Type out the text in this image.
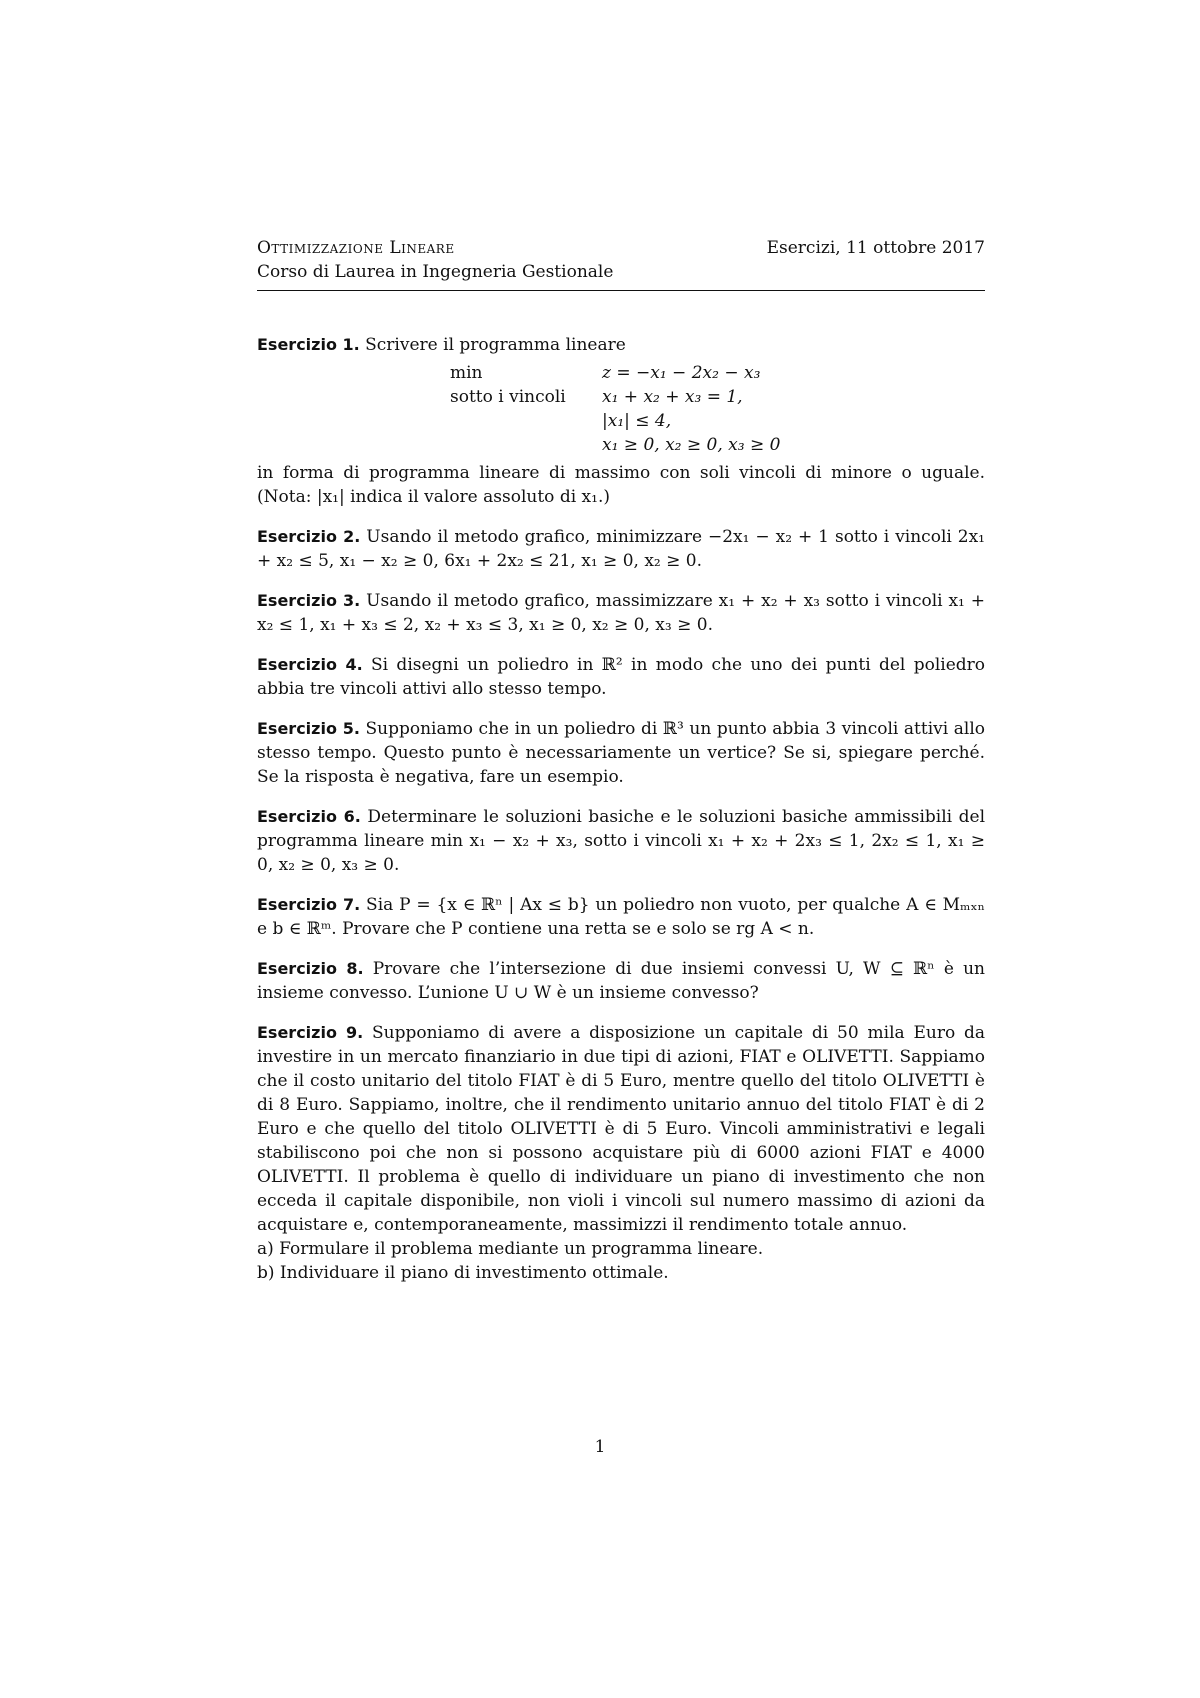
Ottimizzazione Lineare	Esercizi, 11 ottobre 2017
Corso di Laurea in Ingegneria Gestionale

Esercizio 1. Scrivere il programma lineare

min	z = −x₁ − 2x₂ − x₃
sotto i vincoli	x₁ + x₂ + x₃ = 1,
|x₁| ≤ 4,
x₁ ≥ 0, x₂ ≥ 0, x₃ ≥ 0

in forma di programma lineare di massimo con soli vincoli di minore o uguale. (Nota: |x₁| indica il valore assoluto di x₁.)

Esercizio 2. Usando il metodo grafico, minimizzare −2x₁ − x₂ + 1 sotto i vincoli 2x₁ + x₂ ≤ 5, x₁ − x₂ ≥ 0, 6x₁ + 2x₂ ≤ 21, x₁ ≥ 0, x₂ ≥ 0.

Esercizio 3. Usando il metodo grafico, massimizzare x₁ + x₂ + x₃ sotto i vincoli x₁ + x₂ ≤ 1, x₁ + x₃ ≤ 2, x₂ + x₃ ≤ 3, x₁ ≥ 0, x₂ ≥ 0, x₃ ≥ 0.

Esercizio 4. Si disegni un poliedro in ℝ² in modo che uno dei punti del poliedro abbia tre vincoli attivi allo stesso tempo.

Esercizio 5. Supponiamo che in un poliedro di ℝ³ un punto abbia 3 vincoli attivi allo stesso tempo. Questo punto è necessariamente un vertice? Se si, spiegare perché. Se la risposta è negativa, fare un esempio.

Esercizio 6. Determinare le soluzioni basiche e le soluzioni basiche ammissibili del programma lineare min x₁ − x₂ + x₃, sotto i vincoli x₁ + x₂ + 2x₃ ≤ 1, 2x₂ ≤ 1, x₁ ≥ 0, x₂ ≥ 0, x₃ ≥ 0.

Esercizio 7. Sia P = {x ∈ ℝⁿ | Ax ≤ b} un poliedro non vuoto, per qualche A ∈ Mₘₓₙ e b ∈ ℝᵐ. Provare che P contiene una retta se e solo se rg A < n.

Esercizio 8. Provare che l’intersezione di due insiemi convessi U, W ⊆ ℝⁿ è un insieme convesso. L’unione U ∪ W è un insieme convesso?

Esercizio 9. Supponiamo di avere a disposizione un capitale di 50 mila Euro da investire in un mercato finanziario in due tipi di azioni, FIAT e OLIVETTI. Sappiamo che il costo unitario del titolo FIAT è di 5 Euro, mentre quello del titolo OLIVETTI è di 8 Euro. Sappiamo, inoltre, che il rendimento unitario annuo del titolo FIAT è di 2 Euro e che quello del titolo OLIVETTI è di 5 Euro. Vincoli amministrativi e legali stabiliscono poi che non si possono acquistare più di 6000 azioni FIAT e 4000 OLIVETTI. Il problema è quello di individuare un piano di investimento che non ecceda il capitale disponibile, non violi i vincoli sul numero massimo di azioni da acquistare e, contemporaneamente, massimizzi il rendimento totale annuo.

a) Formulare il problema mediante un programma lineare.

b) Individuare il piano di investimento ottimale.

1
